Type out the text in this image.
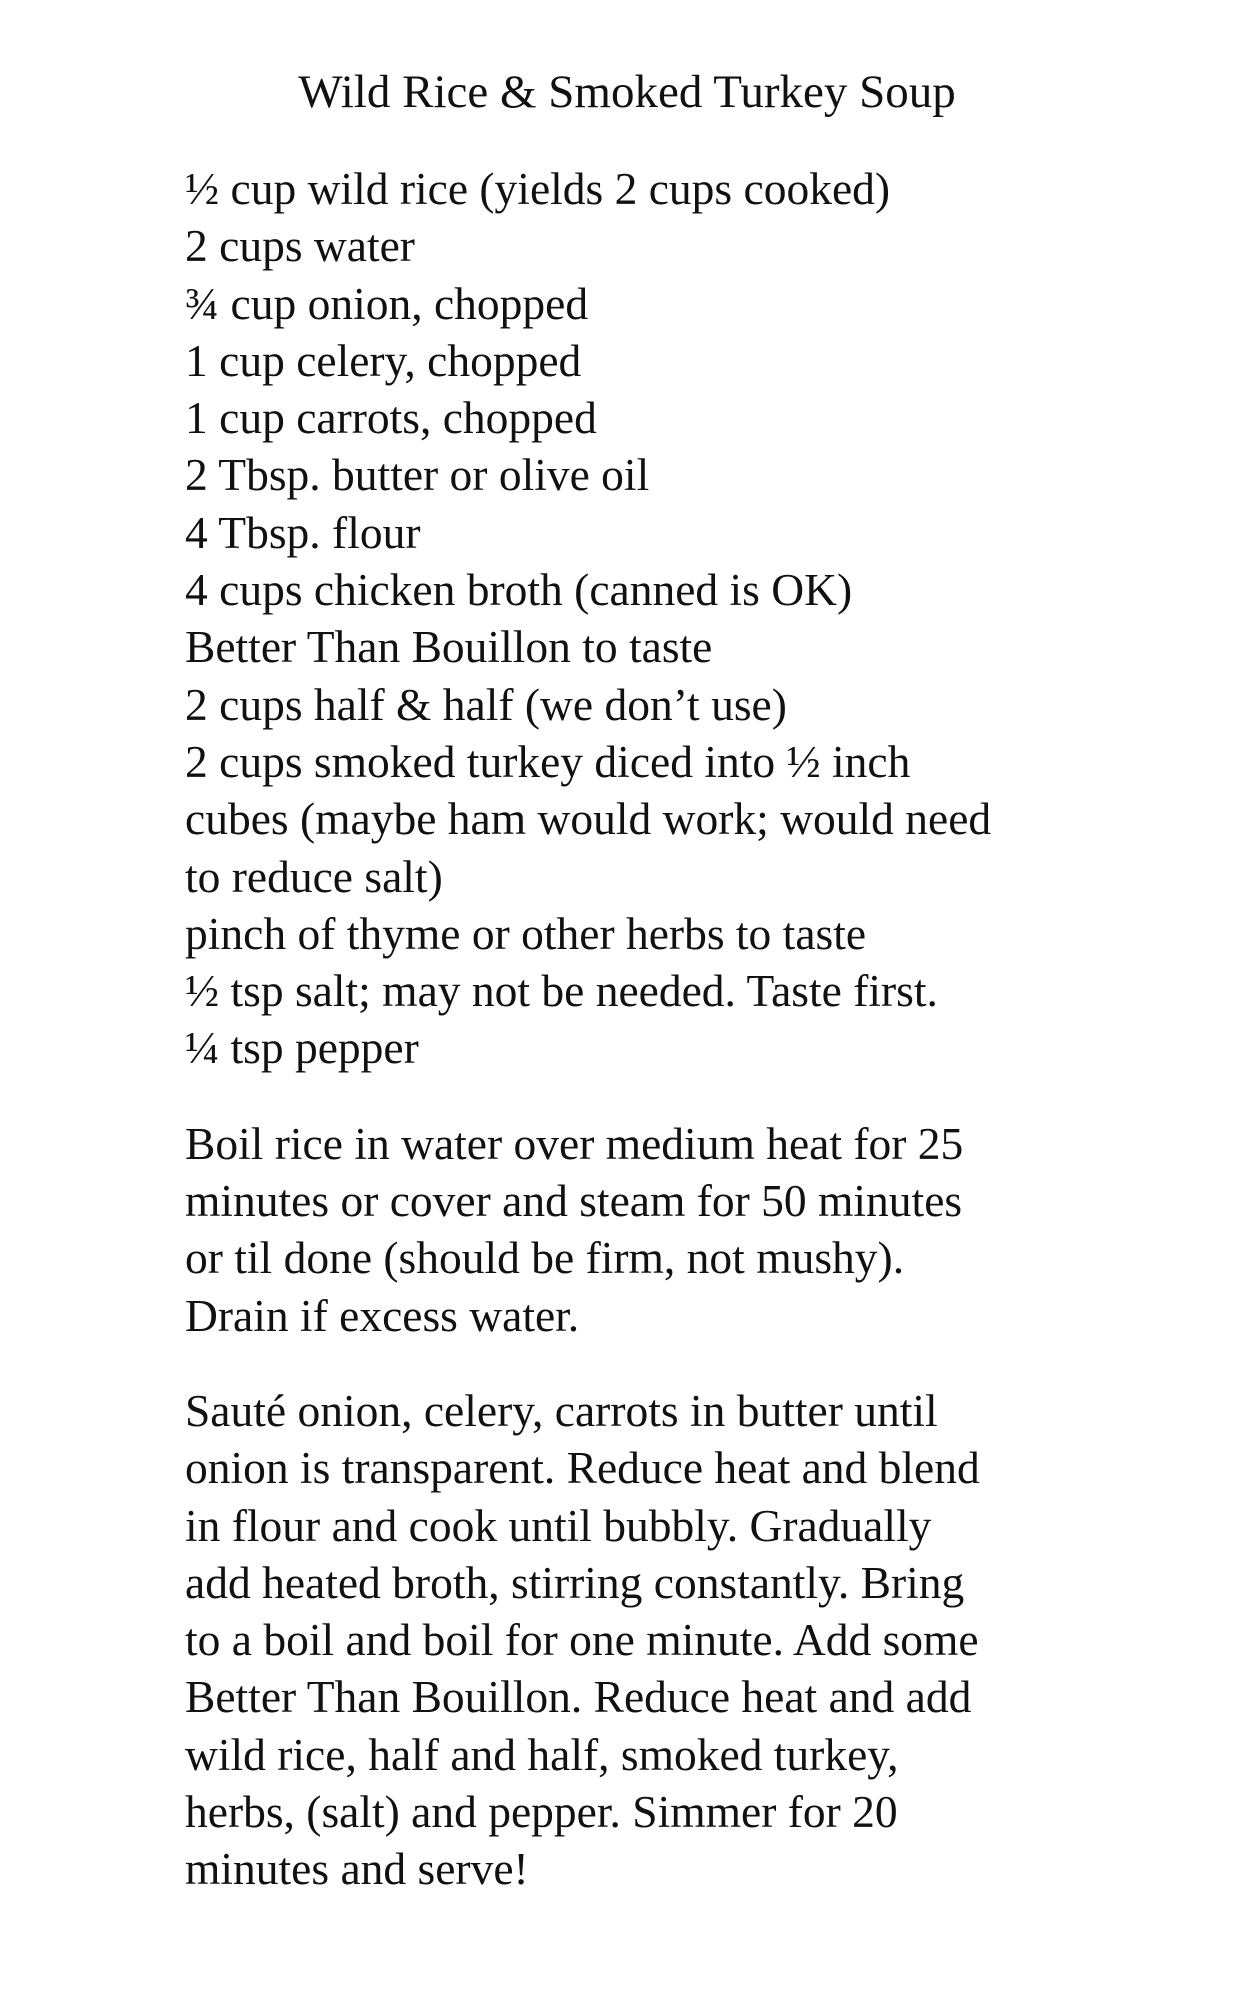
Wild Rice & Smoked Turkey Soup
½ cup wild rice (yields 2 cups cooked)
2 cups water
¾ cup onion, chopped
1 cup celery, chopped
1 cup carrots, chopped
2 Tbsp. butter or olive oil
4 Tbsp. flour
4 cups chicken broth (canned is OK)
Better Than Bouillon to taste
2 cups half & half (we don’t use)
2 cups smoked turkey diced into ½ inch
cubes (maybe ham would work; would need
to reduce salt)
pinch of thyme or other herbs to taste
½ tsp salt; may not be needed. Taste first.
¼ tsp pepper

Boil rice in water over medium heat for 25
minutes or cover and steam for 50 minutes
or til done (should be firm, not mushy).
Drain if excess water.

Sauté onion, celery, carrots in butter until
onion is transparent. Reduce heat and blend
in flour and cook until bubbly. Gradually
add heated broth, stirring constantly. Bring
to a boil and boil for one minute. Add some
Better Than Bouillon. Reduce heat and add
wild rice, half and half, smoked turkey,
herbs, (salt) and pepper. Simmer for 20
minutes and serve!
